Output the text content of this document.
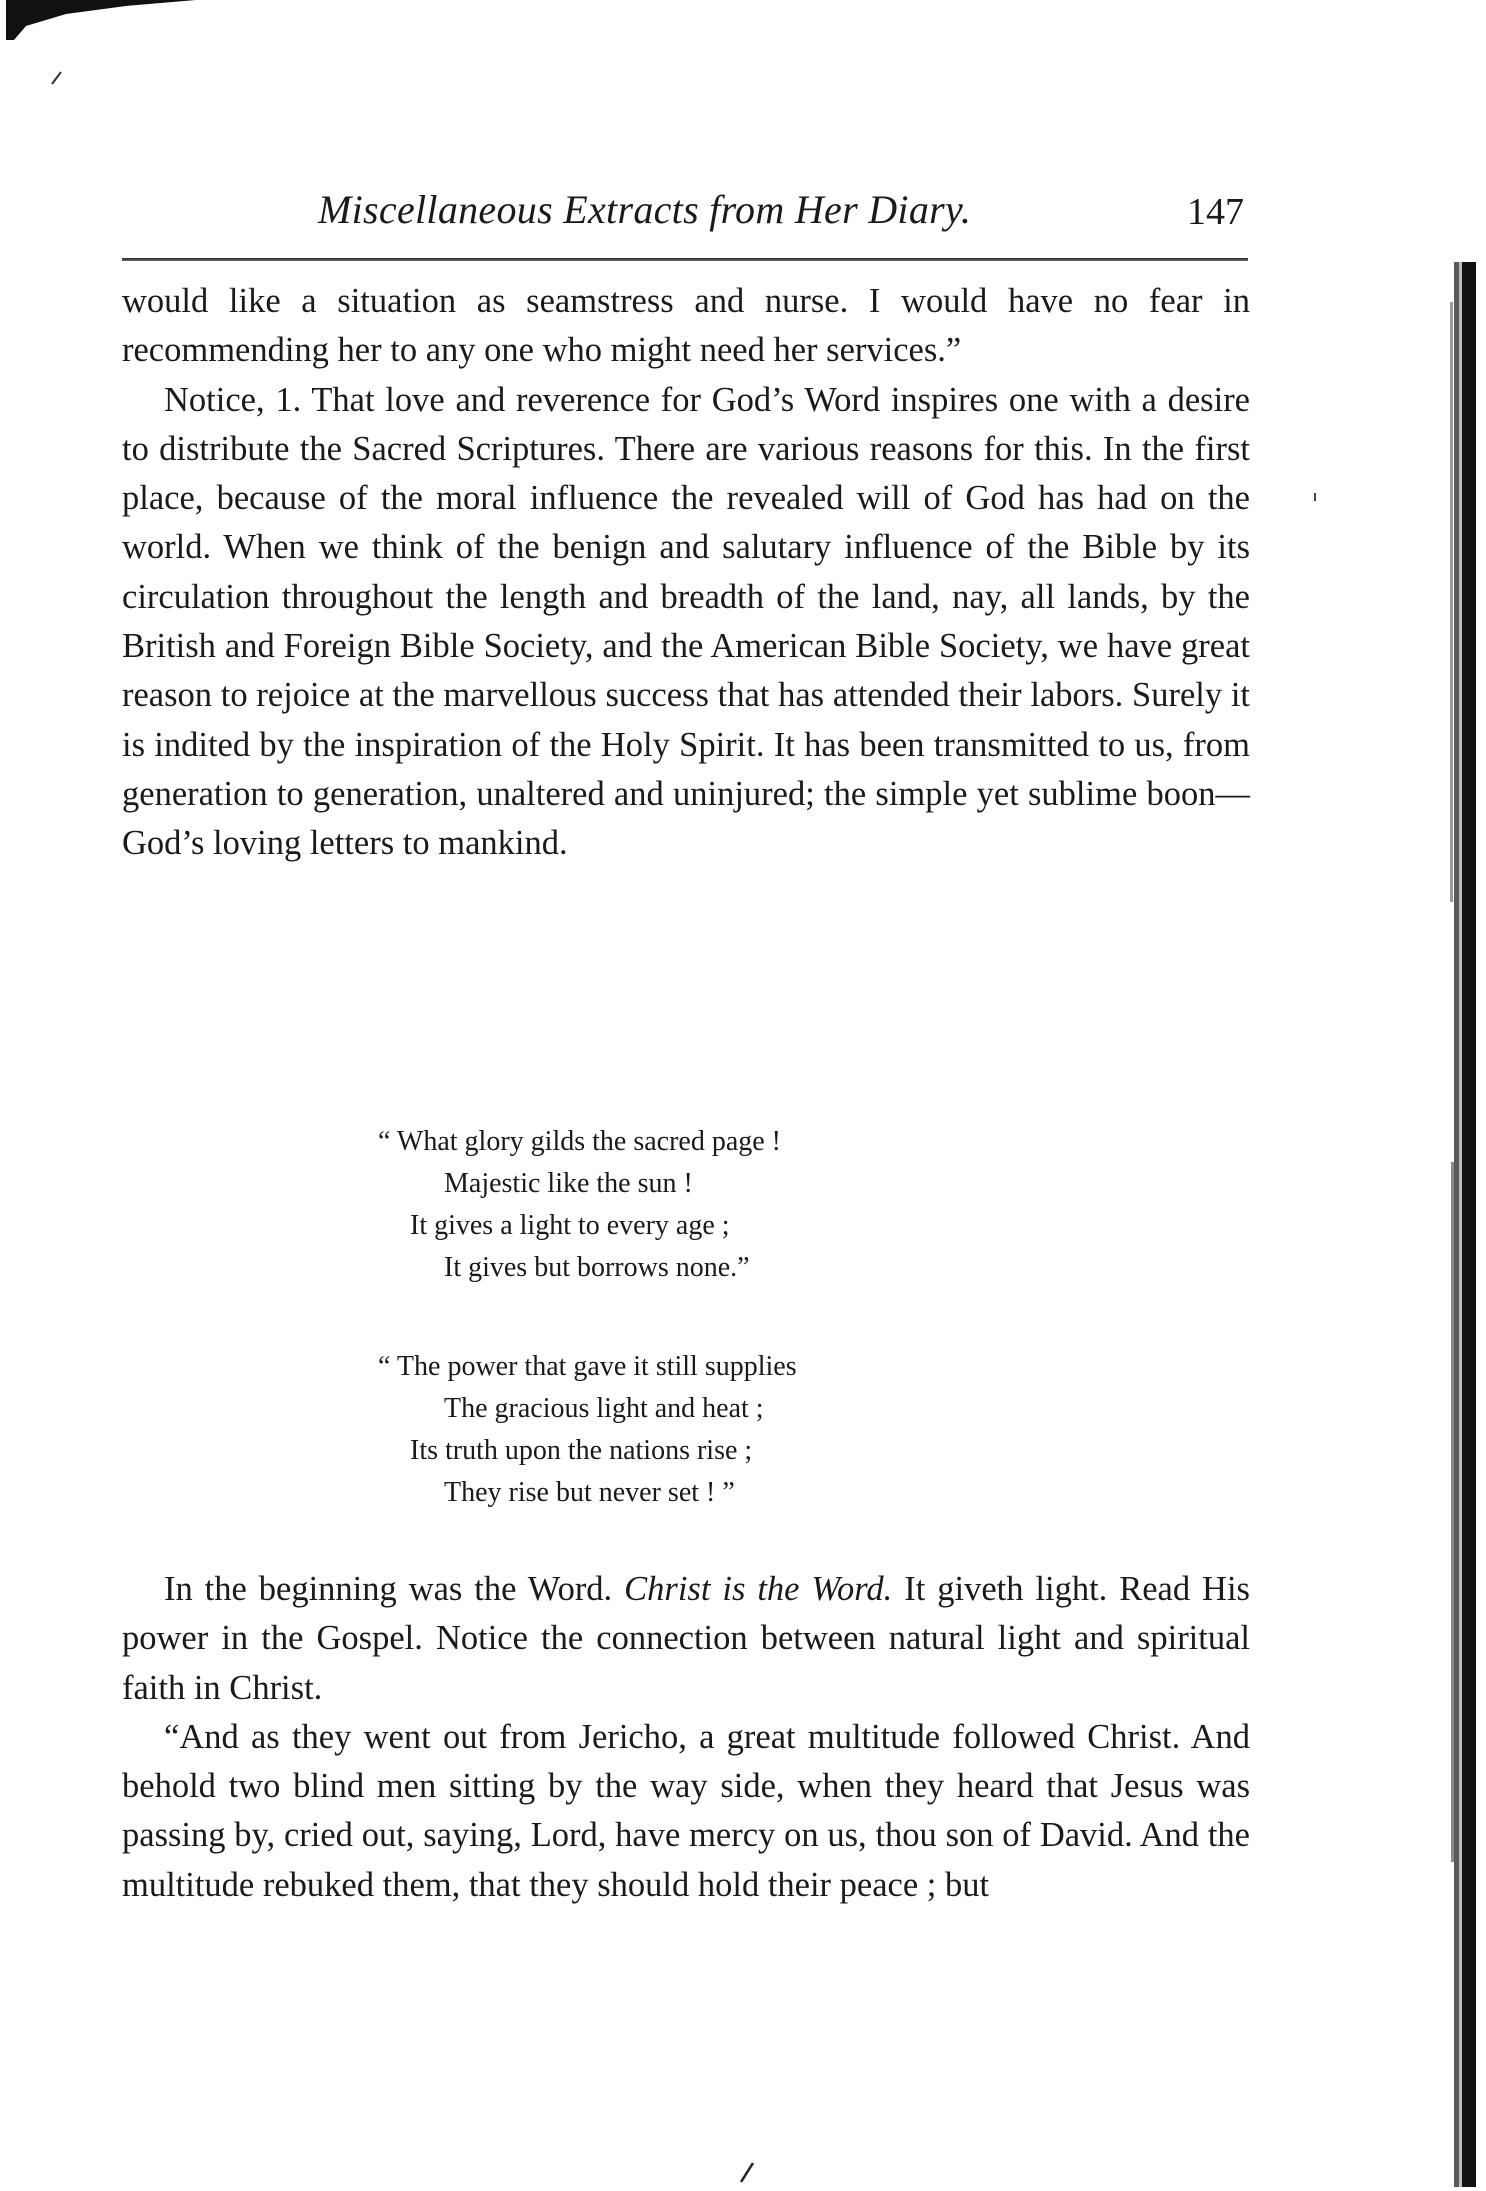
Miscellaneous Extracts from Her Diary.	147

would like a situation as seamstress and nurse. I would have no fear in recommending her to any one who might need her services.”

Notice, 1. That love and reverence for God’s Word inspires one with a desire to distribute the Sacred Scriptures. There are various reasons for this. In the first place, because of the moral influence the revealed will of God has had on the world. When we think of the benign and salutary influence of the Bible by its circulation throughout the length and breadth of the land, nay, all lands, by the British and Foreign Bible Society, and the American Bible Society, we have great reason to rejoice at the marvellous success that has attended their labors. Surely it is indited by the inspiration of the Holy Spirit. It has been transmitted to us, from generation to generation, unaltered and uninjured; the simple yet sublime boon—God’s loving letters to mankind.

“ What glory gilds the sacred page !
Majestic like the sun !
It gives a light to every age ;
It gives but borrows none.”
“ The power that gave it still supplies
The gracious light and heat ;
Its truth upon the nations rise ;
They rise but never set ! ”

In the beginning was the Word. Christ is the Word. It giveth light. Read His power in the Gospel. Notice the connection between natural light and spiritual faith in Christ.

“And as they went out from Jericho, a great multitude followed Christ. And behold two blind men sitting by the way side, when they heard that Jesus was passing by, cried out, saying, Lord, have mercy on us, thou son of David. And the multitude rebuked them, that they should hold their peace ; but
